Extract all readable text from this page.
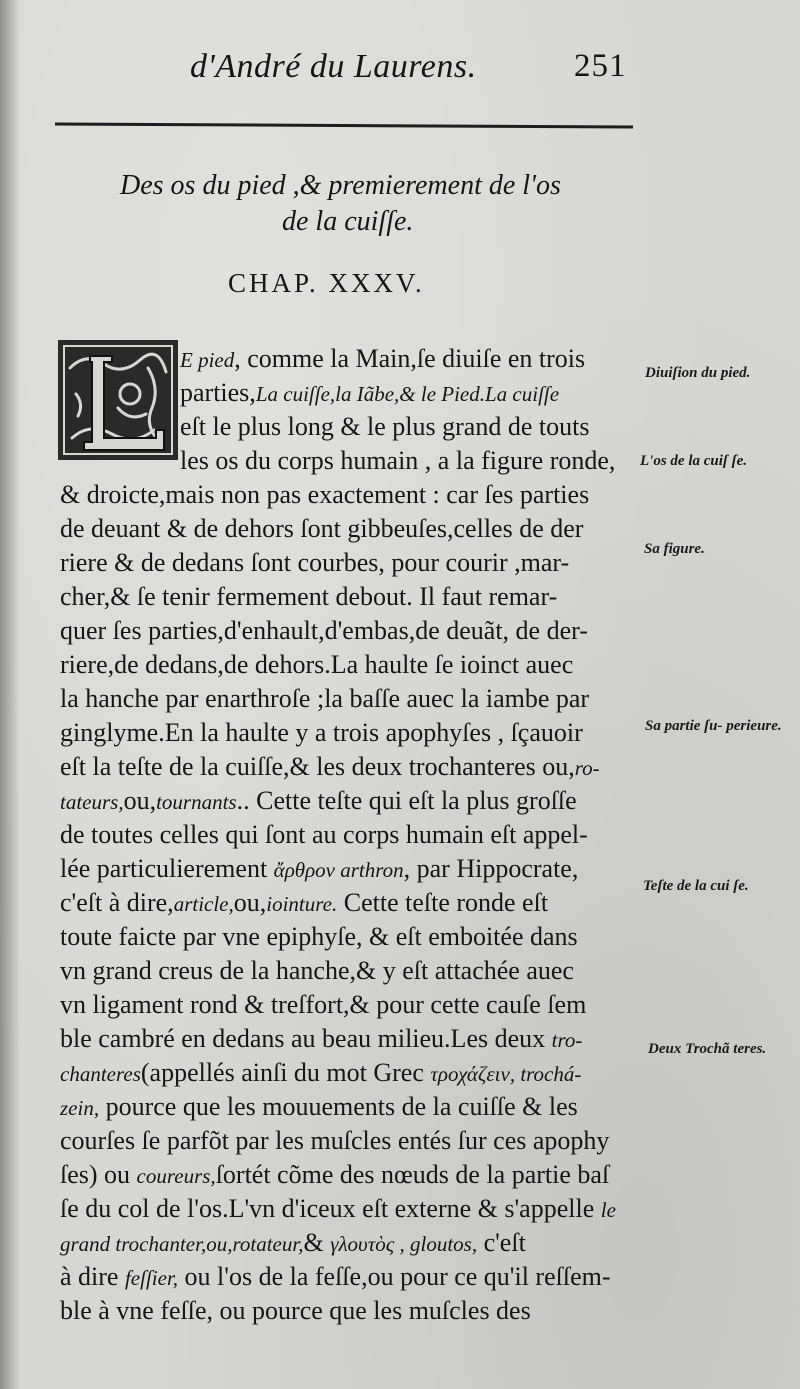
d'André du Laurens.	251
Des os du pied ,& premierement de l'os
de la cuiſſe.
CHAP. XXXV.
E pied, comme la Main,ſe diuiſe en trois
parties,La cuiſſe,la Iãbe,& le Pied.La cuiſſe
eſt le plus long & le plus grand de touts
les os du corps humain , a la figure ronde,
& droicte,mais non pas exactement : car ſes parties
de deuant & de dehors ſont gibbeuſes,celles de der
riere & de dedans ſont courbes, pour courir ,mar-
cher,& ſe tenir fermement debout. Il faut remar-
quer ſes parties,d'enhault,d'embas,de deuãt, de der-
riere,de dedans,de dehors.La haulte ſe ioinct auec
la hanche par enarthroſe ;la baſſe auec la iambe par
ginglyme.En la haulte y a trois apophyſes , ſçauoir
eſt la teſte de la cuiſſe,& les deux trochanteres ou,ro-
tateurs,ou,tournants.. Cette teſte qui eſt la plus groſſe
de toutes celles qui ſont au corps humain eſt appel-
lée particulierement ἄρθρον arthron, par Hippocrate,
c'eſt à dire,article,ou,iointure. Cette teſte ronde eſt
toute faicte par vne epiphyſe, & eſt emboitée dans
vn grand creus de la hanche,& y eſt attachée auec
vn ligament rond & treſfort,& pour cette cauſe ſem
ble cambré en dedans au beau milieu.Les deux tro-
chanteres(appellés ainſi du mot Grec τροχάζειν, trochá-
zein, pource que les mouuements de la cuiſſe & les
courſes ſe parfõt par les muſcles entés ſur ces apophy
ſes) ou coureurs,ſortét cõme des nœuds de la partie baſ
ſe du col de l'os.L'vn d'iceux eſt externe & s'appelle le
grand trochanter,ou,rotateur,& γλουτὸς , gloutos, c'eſt
à dire feſſier, ou l'os de la feſſe,ou pour ce qu'il reſſem-
ble à vne feſſe, ou pource que les muſcles des
Diuiſion du pied.
L'os de la cuiſ ſe.
Sa figure.
Sa partie ſu- perieure.
Teſte de la cui ſe.
Deux Trochã teres.
